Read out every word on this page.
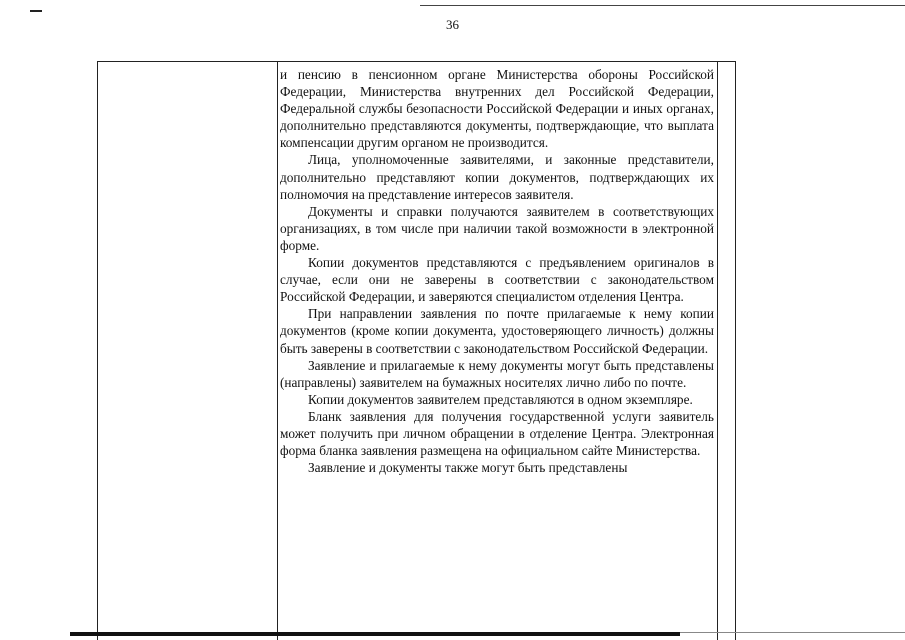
36

и пенсию в пенсионном органе Министерства обороны Российской Федерации, Министерства внутренних дел Российской Федерации, Федеральной службы безопасности Российской Федерации и иных органах, дополнительно представляются документы, подтверждающие, что выплата компенсации другим органом не производится.

Лица, уполномоченные заявителями, и законные представители, дополнительно представляют копии документов, подтверждающих их полномочия на представление интересов заявителя.

Документы и справки получаются заявителем в соответствующих организациях, в том числе при наличии такой возможности в электронной форме.

Копии документов представляются с предъявлением оригиналов в случае, если они не заверены в соответствии с законодательством Российской Федерации, и заверяются специалистом отделения Центра.

При направлении заявления по почте прилагаемые к нему копии документов (кроме копии документа, удостоверяющего личность) должны быть заверены в соответствии с законодательством Российской Федерации.

Заявление и прилагаемые к нему документы могут быть представлены (направлены) заявителем на бумажных носителях лично либо по почте.

Копии документов заявителем представляются в одном экземпляре.

Бланк заявления для получения государственной услуги заявитель может получить при личном обращении в отделение Центра. Электронная форма бланка заявления размещена на официальном сайте Министерства.

Заявление и документы также могут быть представлены
